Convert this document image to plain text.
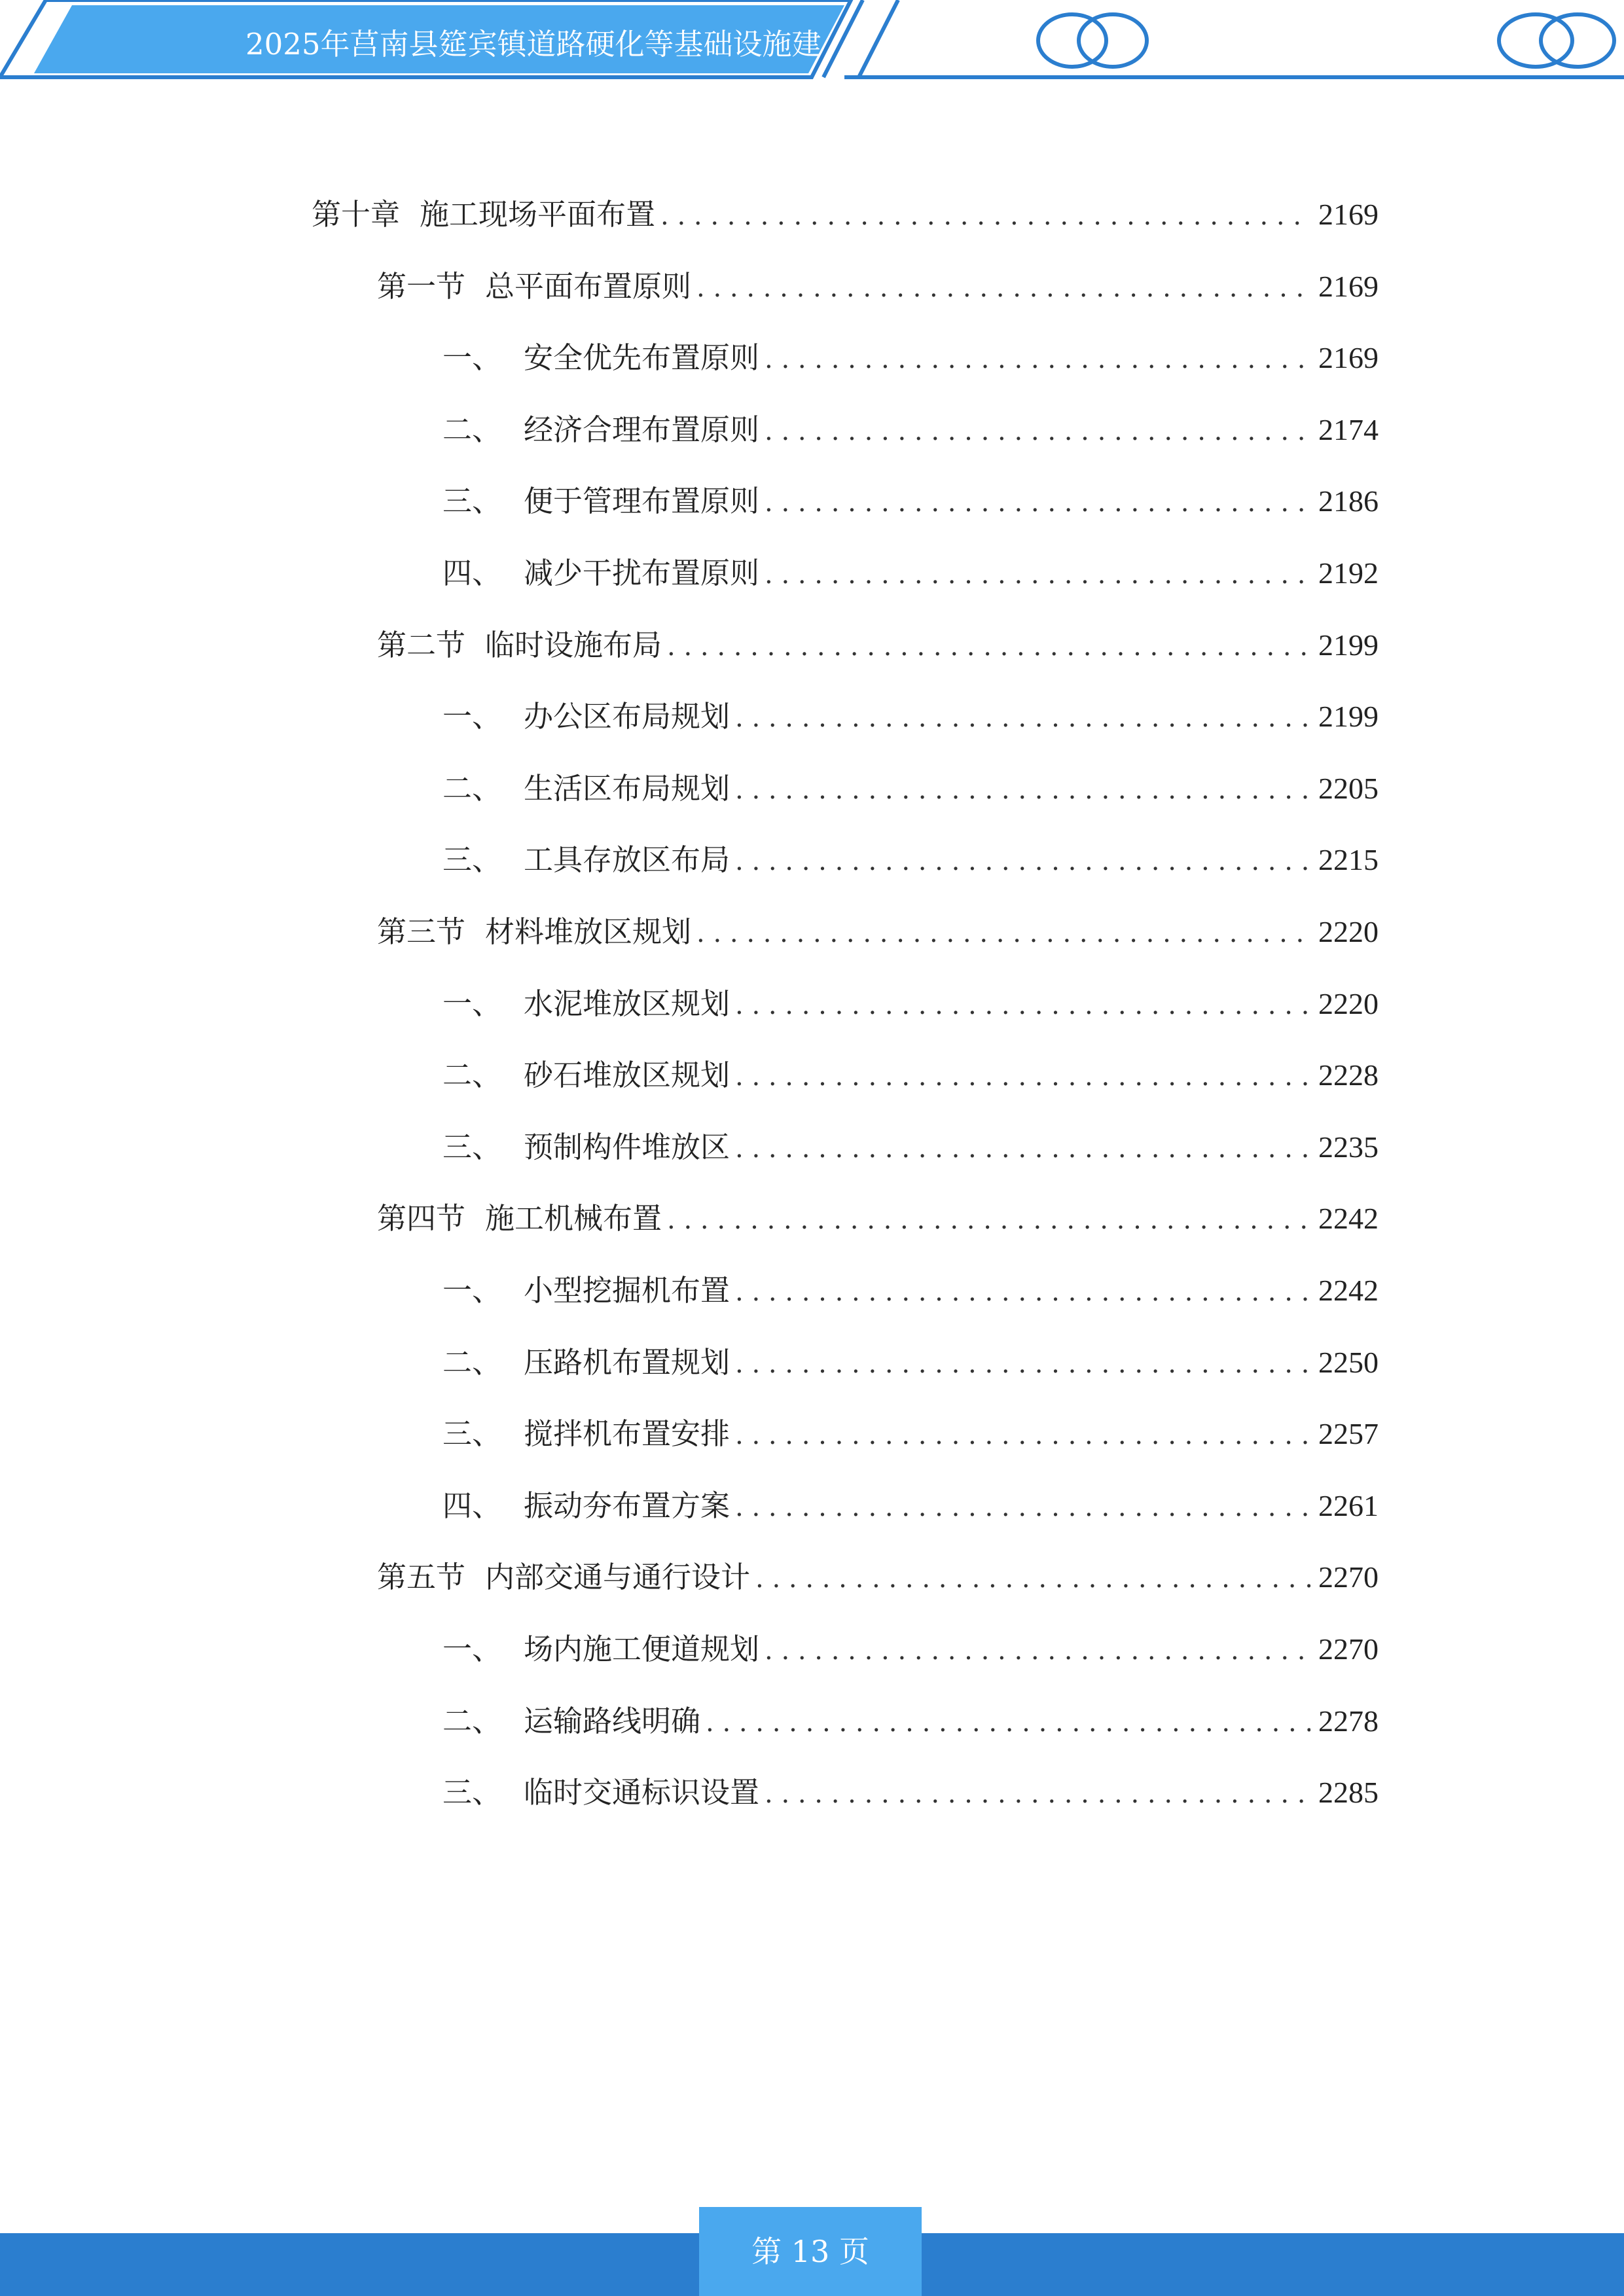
2025年莒南县筵宾镇道路硬化等基础设施建
第十章 施工现场平面布置 . . .	2169
第一节 总平面布置原则 . . .	2169
一、 安全优先布置原则 . . .	2169
二、 经济合理布置原则 . . .	2174
三、 便于管理布置原则 . . .	2186
四、 减少干扰布置原则 . . .	2192
第二节 临时设施布局 . . .	2199
一、 办公区布局规划 . . .	2199
二、 生活区布局规划 . . .	2205
三、 工具存放区布局 . . .	2215
第三节 材料堆放区规划 . . .	2220
一、 水泥堆放区规划 . . .	2220
二、 砂石堆放区规划 . . .	2228
三、 预制构件堆放区 . . .	2235
第四节 施工机械布置 . . .	2242
一、 小型挖掘机布置 . . .	2242
二、 压路机布置规划 . . .	2250
三、 搅拌机布置安排 . . .	2257
四、 振动夯布置方案 . . .	2261
第五节 内部交通与通行设计 . . .	2270
一、 场内施工便道规划 . . .	2270
二、 运输路线明确 . . .	2278
三、 临时交通标识设置 . . .	2285
第 13 页
